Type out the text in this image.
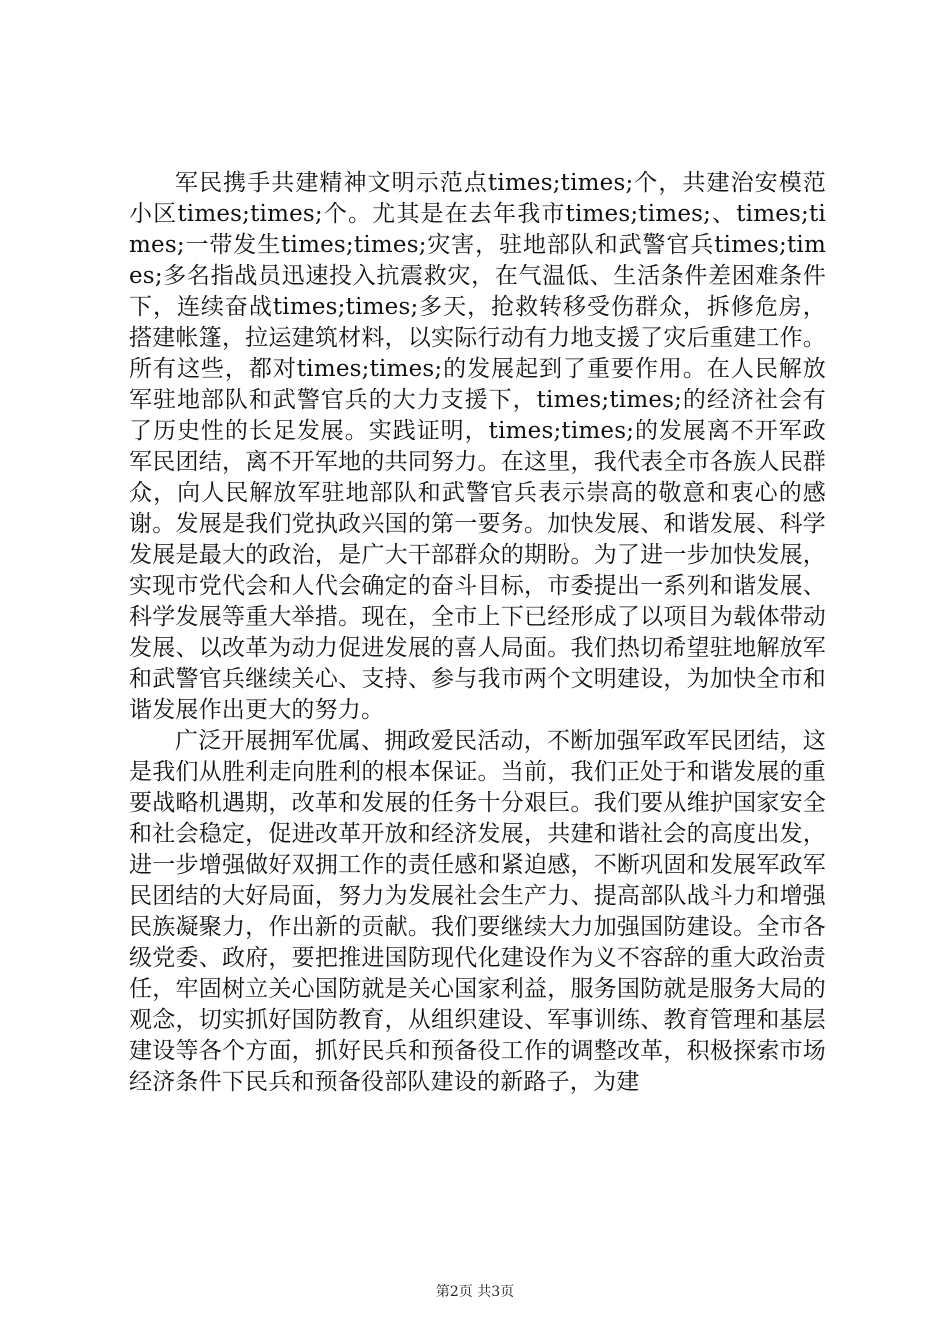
军民携手共建精神文明示范点times;times;个，共建治安模范小区times;times;个。尤其是在去年我市times;times;、times;times;一带发生times;times;灾害，驻地部队和武警官兵times;times;多名指战员迅速投入抗震救灾，在气温低、生活条件差困难条件下，连续奋战times;times;多天，抢救转移受伤群众，拆修危房，搭建帐篷，拉运建筑材料，以实际行动有力地支援了灾后重建工作。所有这些，都对times;times;的发展起到了重要作用。在人民解放军驻地部队和武警官兵的大力支援下，times;times;的经济社会有了历史性的长足发展。实践证明，times;times;的发展离不开军政军民团结，离不开军地的共同努力。在这里，我代表全市各族人民群众，向人民解放军驻地部队和武警官兵表示崇高的敬意和衷心的感谢。发展是我们党执政兴国的第一要务。加快发展、和谐发展、科学发展是最大的政治，是广大干部群众的期盼。为了进一步加快发展，实现市党代会和人代会确定的奋斗目标，市委提出一系列和谐发展、科学发展等重大举措。现在，全市上下已经形成了以项目为载体带动发展、以改革为动力促进发展的喜人局面。我们热切希望驻地解放军和武警官兵继续关心、支持、参与我市两个文明建设，为加快全市和谐发展作出更大的努力。

广泛开展拥军优属、拥政爱民活动，不断加强军政军民团结，这是我们从胜利走向胜利的根本保证。当前，我们正处于和谐发展的重要战略机遇期，改革和发展的任务十分艰巨。我们要从维护国家安全和社会稳定，促进改革开放和经济发展，共建和谐社会的高度出发，进一步增强做好双拥工作的责任感和紧迫感，不断巩固和发展军政军民团结的大好局面，努力为发展社会生产力、提高部队战斗力和增强民族凝聚力，作出新的贡献。我们要继续大力加强国防建设。全市各级党委、政府，要把推进国防现代化建设作为义不容辞的重大政治责任，牢固树立关心国防就是关心国家利益，服务国防就是服务大局的观念，切实抓好国防教育，从组织建设、军事训练、教育管理和基层建设等各个方面，抓好民兵和预备役工作的调整改革，积极探索市场经济条件下民兵和预备役部队建设的新路子，为建

第2页 共3页
